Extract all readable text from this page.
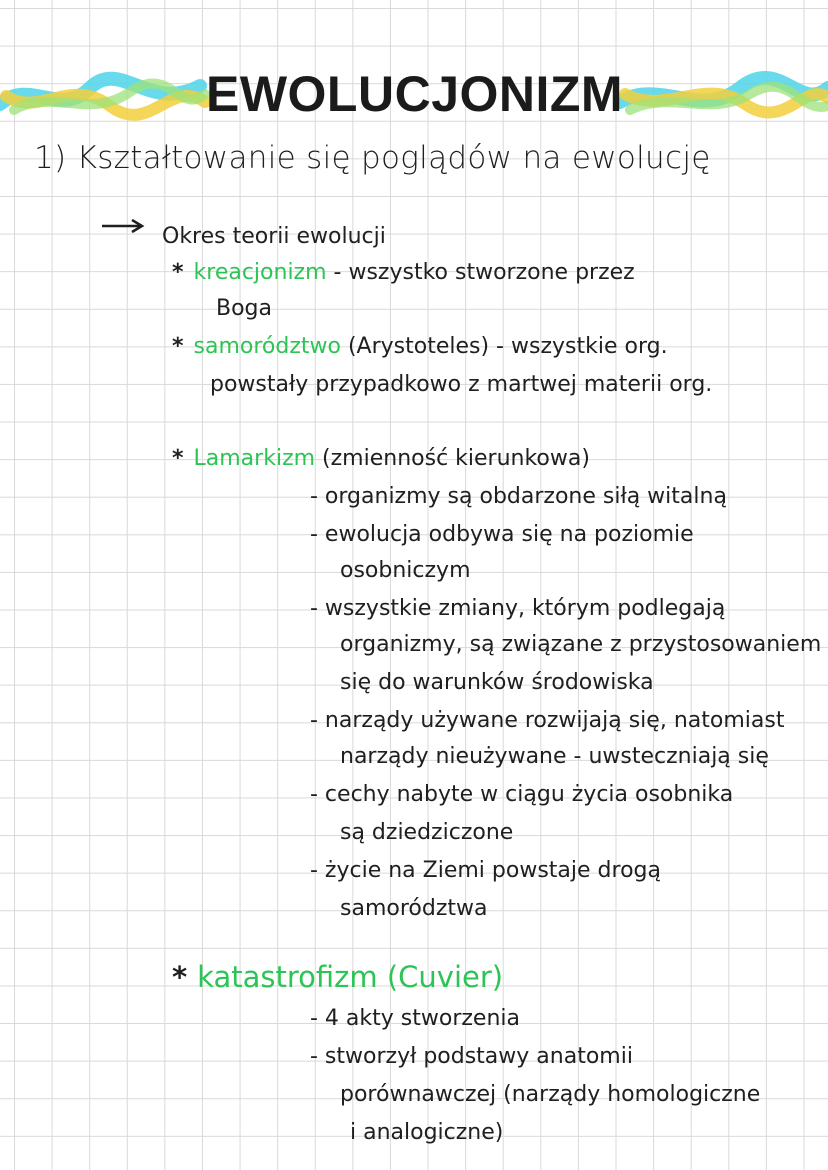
EWOLUCJONIZM

1) Kształtowanie się poglądów na ewolucję

Okres teorii ewolucji

* kreacjonizm - wszystko stworzone przez

Boga

* samorództwo (Arystoteles) - wszystkie org.

powstały przypadkowo z martwej materii org.

* Lamarkizm (zmienność kierunkowa)

- organizmy są obdarzone siłą witalną

- ewolucja odbywa się na poziomie

osobniczym

- wszystkie zmiany, którym podlegają

organizmy, są związane z przystosowaniem

się do warunków środowiska

- narządy używane rozwijają się, natomiast

narządy nieużywane - uwsteczniają się

- cechy nabyte w ciągu życia osobnika

są dziedziczone

- życie na Ziemi powstaje drogą

samorództwa

* katastrofizm (Cuvier)

- 4 akty stworzenia

- stworzył podstawy anatomii

porównawczej (narządy homologiczne

i analogiczne)
